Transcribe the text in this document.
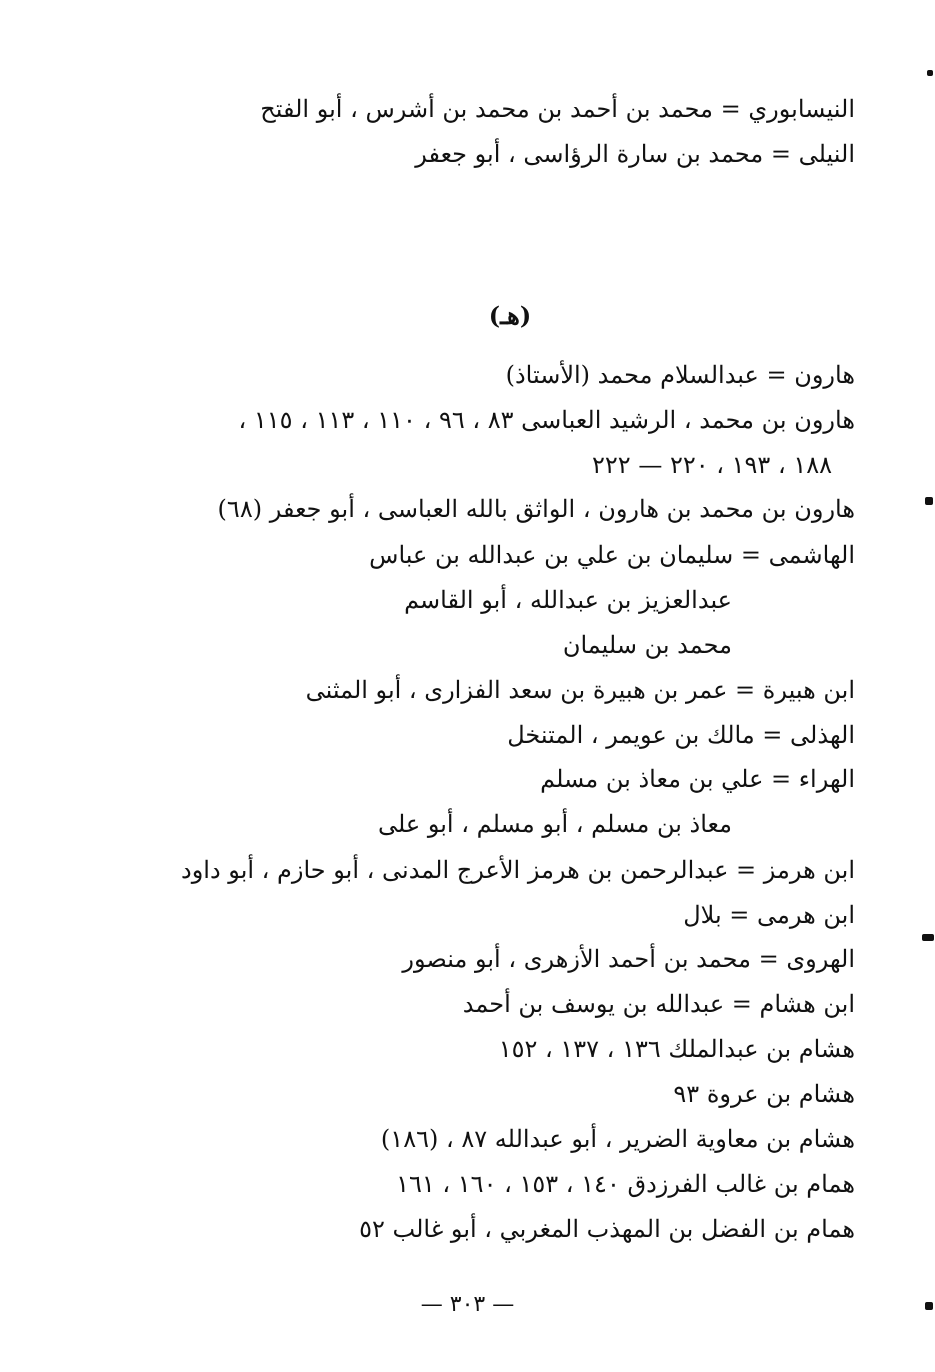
النيسابوري = محمد بن أحمد بن محمد بن أشرس ، أبو الفتح
النيلى = محمد بن سارة الرؤاسى ، أبو جعفر
(هـ)
هارون = عبدالسلام محمد (الأستاذ)
هارون بن محمد ، الرشيد العباسى ٨٣ ، ٩٦ ، ١١٠ ، ١١٣ ، ١١٥ ،
١٨٨ ، ١٩٣ ، ٢٢٠ — ٢٢٢
هارون بن محمد بن هارون ، الواثق بالله العباسى ، أبو جعفر (٦٨)
الهاشمى = سليمان بن علي بن عبدالله بن عباس
عبدالعزيز بن عبدالله ، أبو القاسم
محمد بن سليمان
ابن هبيرة = عمر بن هبيرة بن سعد الفزارى ، أبو المثنى
الهذلى = مالك بن عويمر ، المتنخل
الهراء = علي بن معاذ بن مسلم
معاذ بن مسلم ، أبو مسلم ، أبو على
ابن هرمز = عبدالرحمن بن هرمز الأعرج المدنى ، أبو حازم ، أبو داود
ابن هرمى = بلال
الهروى = محمد بن أحمد الأزهرى ، أبو منصور
ابن هشام = عبدالله بن يوسف بن أحمد
هشام بن عبدالملك ١٣٦ ، ١٣٧ ، ١٥٢
هشام بن عروة ٩٣
هشام بن معاوية الضرير ، أبو عبدالله ٨٧ ، (١٨٦)
همام بن غالب الفرزدق ١٤٠ ، ١٥٣ ، ١٦٠ ، ١٦١
همام بن الفضل بن المهذب المغربي ، أبو غالب ٥٢
— ٣٠٣ —
